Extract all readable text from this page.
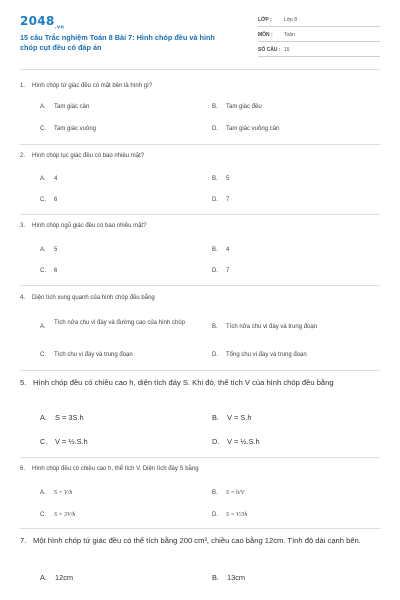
$2048_{.vn}$
15 câu Trắc nghiệm Toán 8 Bài 7: Hình chóp đều và hình chóp cụt đều có đáp án
LỚP : Lớp 8
MÔN : Toán
SỐ CÂU : 15
1. Hình chóp tứ giác đều có mặt bên là hình gì?
A. Tam giác cân	B. Tam giác đều
C. Tam giác vuông	D. Tam giác vuông cân
2. Hình chóp lục giác đều có bao nhiêu mặt?
A. 4	B. 5
C. 6	D. 7
3. Hình chóp ngũ giác đều có bao nhiêu mặt?
A. 5	B. 4
C. 6	D. 7
4. Diện tích xung quanh của hình chóp đều bằng
A.
Tích nửa chu vi đáy và đường cao của hình chóp
B. Tích nửa chu vi đáy và trung đoạn
C. Tích chu vi đáy và trung đoạn	D. Tổng chu vi đáy và trung đoạn
5. Hình chóp đều có chiều cao h, diện tích đáy S. Khi đó, thể tích V của hình chóp đều bằng
A. S = 3S.h	B. V = S.h
C. V = ⅓.S.h	D. V = ½.S.h
6. Hình chóp đều có chiều cao h, thể tích V. Diện tích đáy S bằng
A. S = V/h	B. S = h/V
C. S = 3V/h	D. S = V/3h
7. Một hình chóp tứ giác đều có thể tích bằng 200 cm³, chiều cao bằng 12cm. Tính độ dài cạnh bên.
A. 12cm	B. 13cm
